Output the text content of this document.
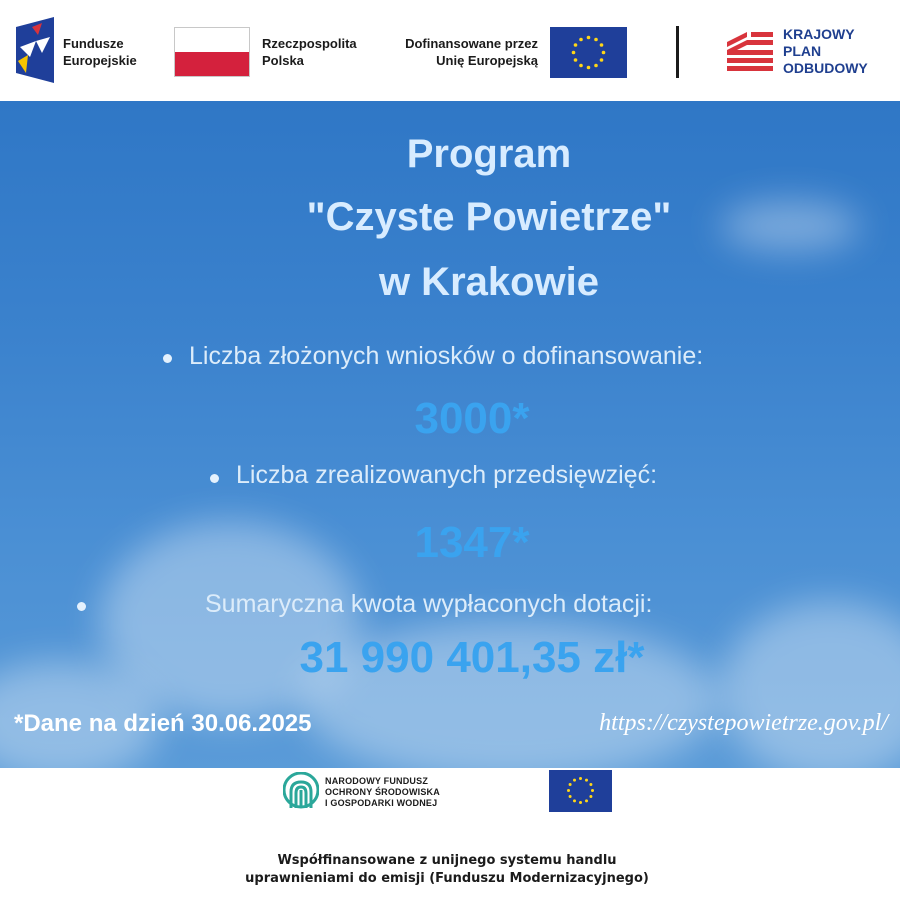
Fundusze
Europejskie
Rzeczpospolita
Polska
Dofinansowane przez
Unię Europejską
KRAJOWY
PLAN
ODBUDOWY
Program
"Czyste Powietrze"
w Krakowie
Liczba złożonych wniosków o dofinansowanie:
3000*
Liczba zrealizowanych przedsięwzięć:
1347*
Sumaryczna kwota wypłaconych dotacji:
31 990 401,35 zł*
*Dane na dzień 30.06.2025	https://czystepowietrze.gov.pl/
NARODOWY FUNDUSZ
OCHRONY ŚRODOWISKA
I GOSPODARKI WODNEJ
Współfinansowane z unijnego systemu handlu
uprawnieniami do emisji (Funduszu Modernizacyjnego)
